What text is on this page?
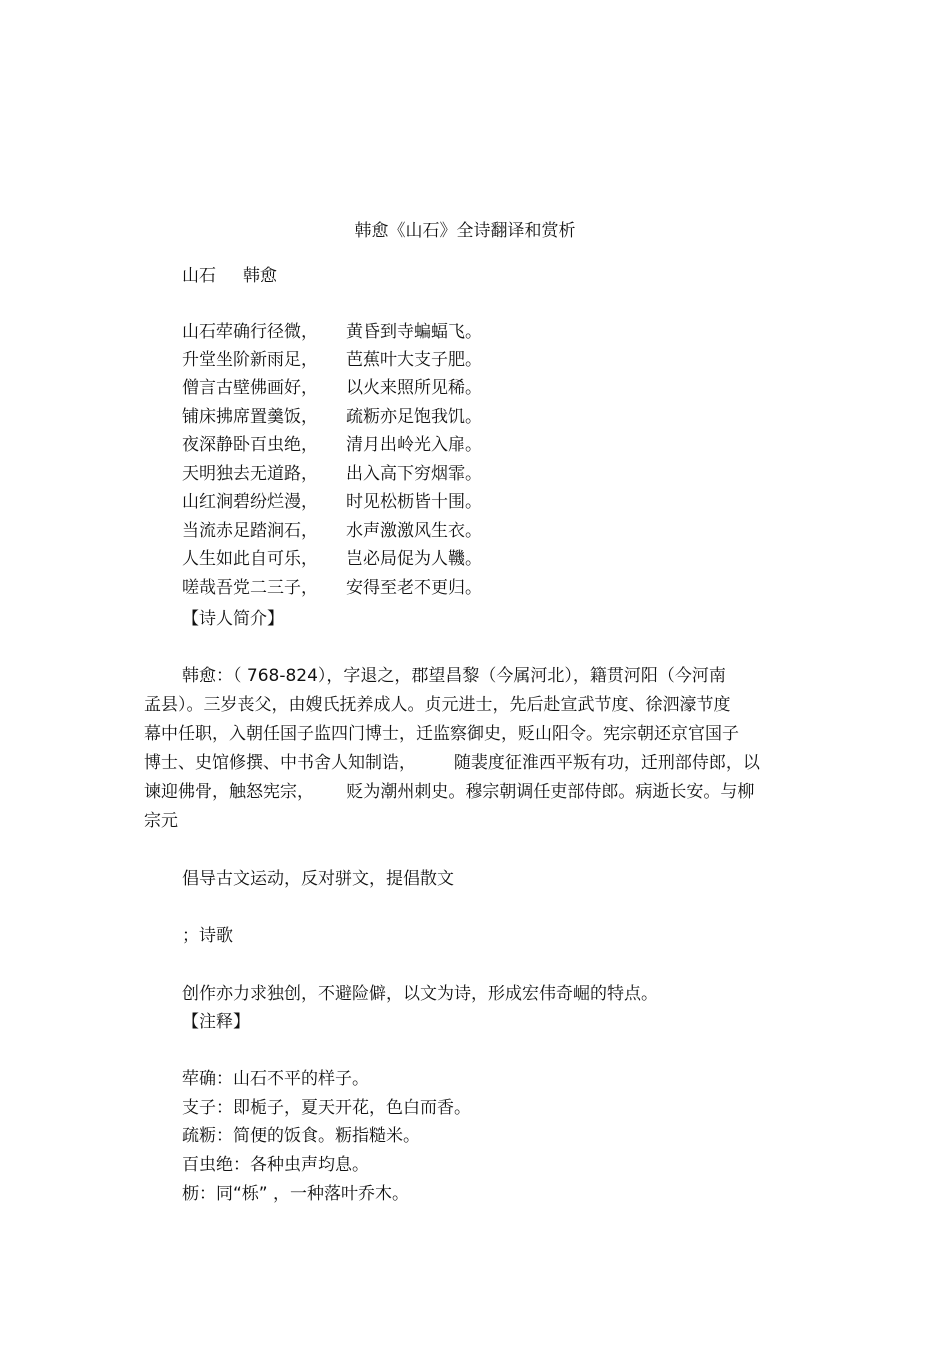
韩愈《山石》全诗翻译和赏析
山石     韩愈
山石荦确行径微， 黄昏到寺蝙蝠飞。
升堂坐阶新雨足， 芭蕉叶大支子肥。
僧言古壁佛画好， 以火来照所见稀。
铺床拂席置羹饭， 疏粝亦足饱我饥。
夜深静卧百虫绝， 清月出岭光入扉。
天明独去无道路， 出入高下穷烟霏。
山红涧碧纷烂漫， 时见松枥皆十围。
当流赤足踏涧石， 水声激激风生衣。
人生如此自可乐， 岂必局促为人鞿。
嗟哉吾党二三子， 安得至老不更归。
【诗人简介】
韩愈：（ 768-824），字退之，郡望昌黎（今属河北），籍贯河阳（今河南
孟县）。三岁丧父，由嫂氏抚养成人。贞元进士，先后赴宣武节度、徐泗濠节度
幕中任职，入朝任国子监四门博士，迁监察御史，贬山阳令。宪宗朝还京官国子
博士、史馆修撰、中书舍人知制诰，       随裴度征淮西平叛有功，迁刑部侍郎，以
谏迎佛骨，触怒宪宗，      贬为潮州刺史。穆宗朝调任吏部侍郎。病逝长安。与柳
宗元
倡导古文运动，反对骈文，提倡散文
；诗歌
创作亦力求独创，不避险僻，以文为诗，形成宏伟奇崛的特点。
【注释】
荦确：山石不平的样子。
支子：即栀子，夏天开花，色白而香。
疏粝：简便的饭食。粝指糙米。
百虫绝：各种虫声均息。
枥：同“栎” ，一种落叶乔木。
